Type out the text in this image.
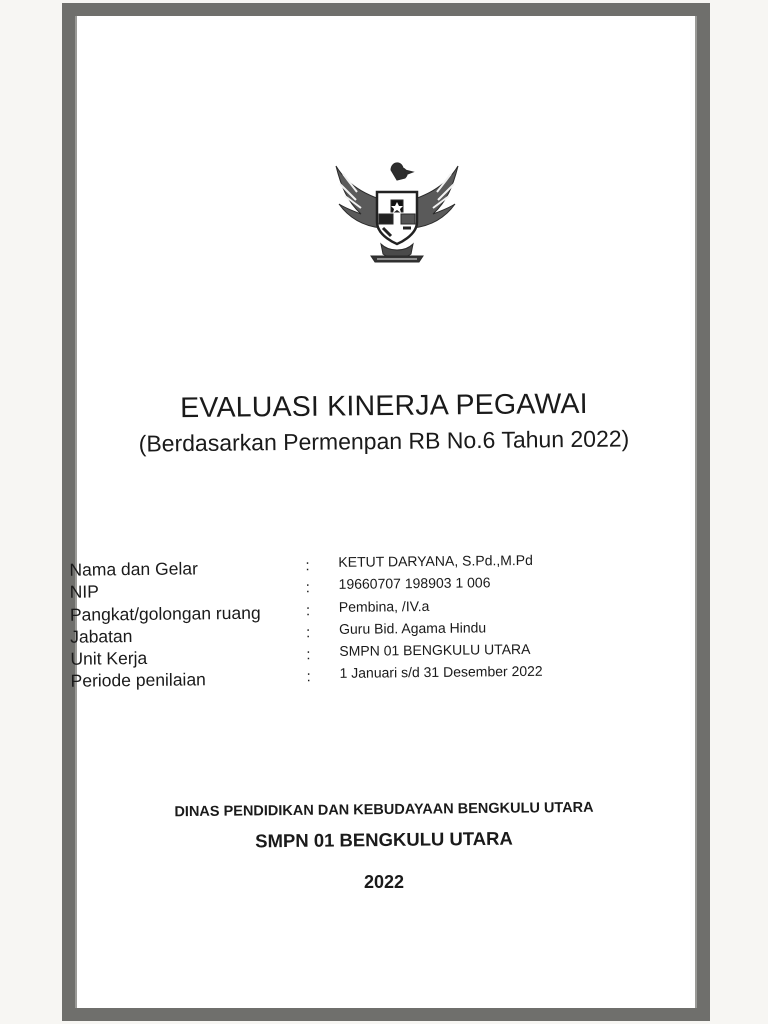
EVALUASI KINERJA PEGAWAI
(Berdasarkan Permenpan RB No.6 Tahun 2022)
Nama dan Gelar	: KETUT DARYANA, S.Pd.,M.Pd
NIP	: 19660707 198903 1 006
Pangkat/golongan ruang	: Pembina, /IV.a
Jabatan	: Guru Bid. Agama Hindu
Unit Kerja	: SMPN 01 BENGKULU UTARA
Periode penilaian	: 1 Januari s/d 31 Desember 2022
DINAS PENDIDIKAN DAN KEBUDAYAAN BENGKULU UTARA
SMPN 01 BENGKULU UTARA
2022
